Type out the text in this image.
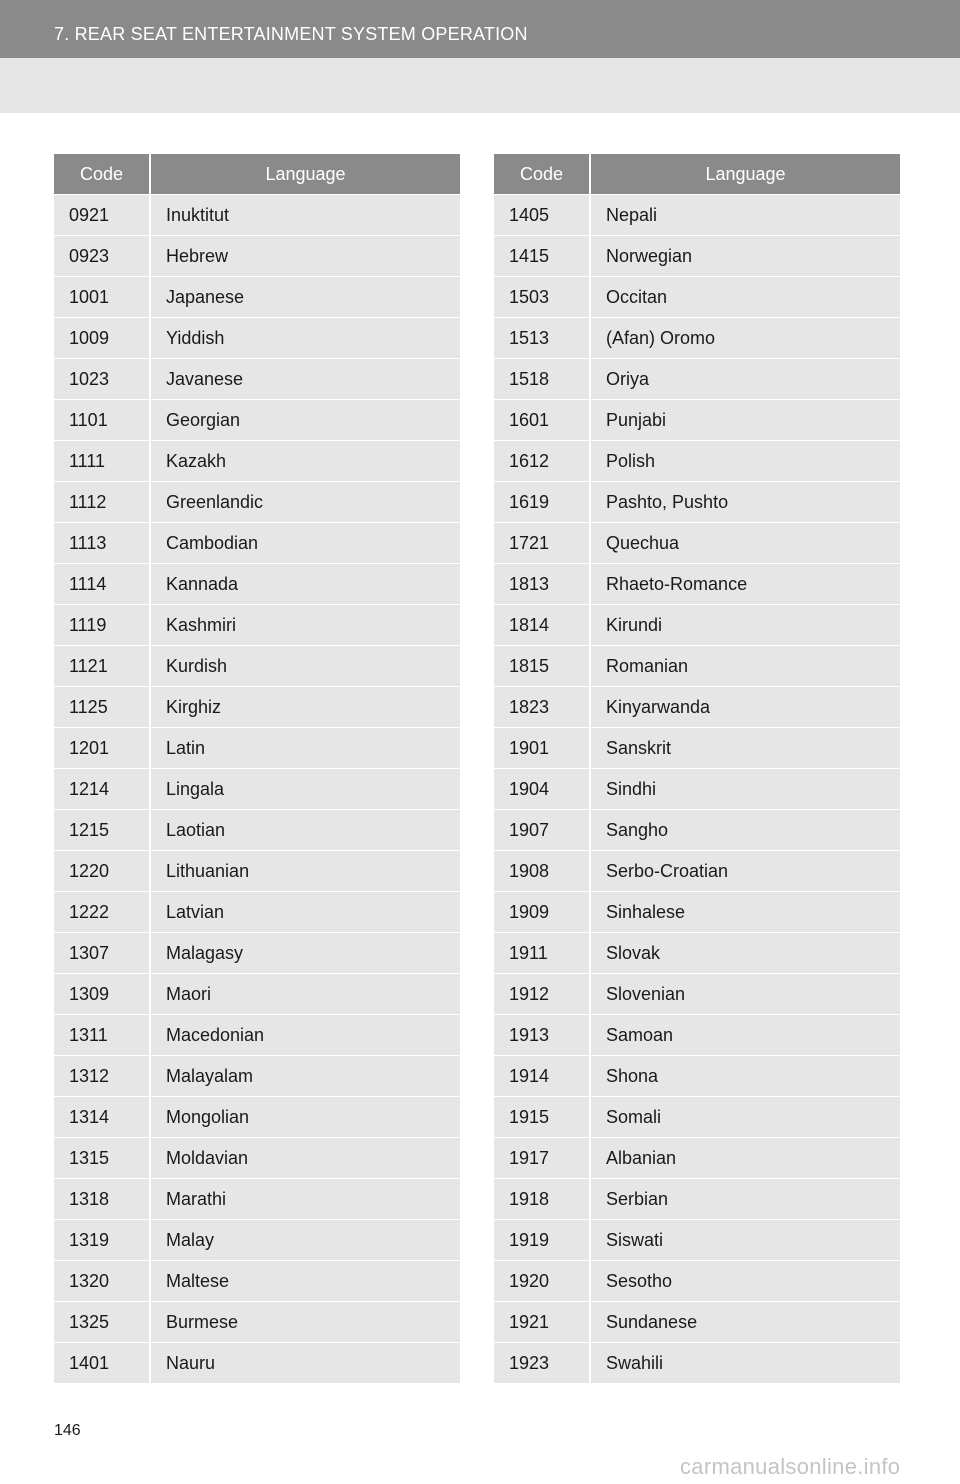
7. REAR SEAT ENTERTAINMENT SYSTEM OPERATION
Code	Language
0921	Inuktitut
0923	Hebrew
1001	Japanese
1009	Yiddish
1023	Javanese
1101	Georgian
1111	Kazakh
1112	Greenlandic
1113	Cambodian
1114	Kannada
1119	Kashmiri
1121	Kurdish
1125	Kirghiz
1201	Latin
1214	Lingala
1215	Laotian
1220	Lithuanian
1222	Latvian
1307	Malagasy
1309	Maori
1311	Macedonian
1312	Malayalam
1314	Mongolian
1315	Moldavian
1318	Marathi
1319	Malay
1320	Maltese
1325	Burmese
1401	Nauru
Code	Language
1405	Nepali
1415	Norwegian
1503	Occitan
1513	(Afan) Oromo
1518	Oriya
1601	Punjabi
1612	Polish
1619	Pashto, Pushto
1721	Quechua
1813	Rhaeto-Romance
1814	Kirundi
1815	Romanian
1823	Kinyarwanda
1901	Sanskrit
1904	Sindhi
1907	Sangho
1908	Serbo-Croatian
1909	Sinhalese
1911	Slovak
1912	Slovenian
1913	Samoan
1914	Shona
1915	Somali
1917	Albanian
1918	Serbian
1919	Siswati
1920	Sesotho
1921	Sundanese
1923	Swahili
146
carmanualsonline.info
